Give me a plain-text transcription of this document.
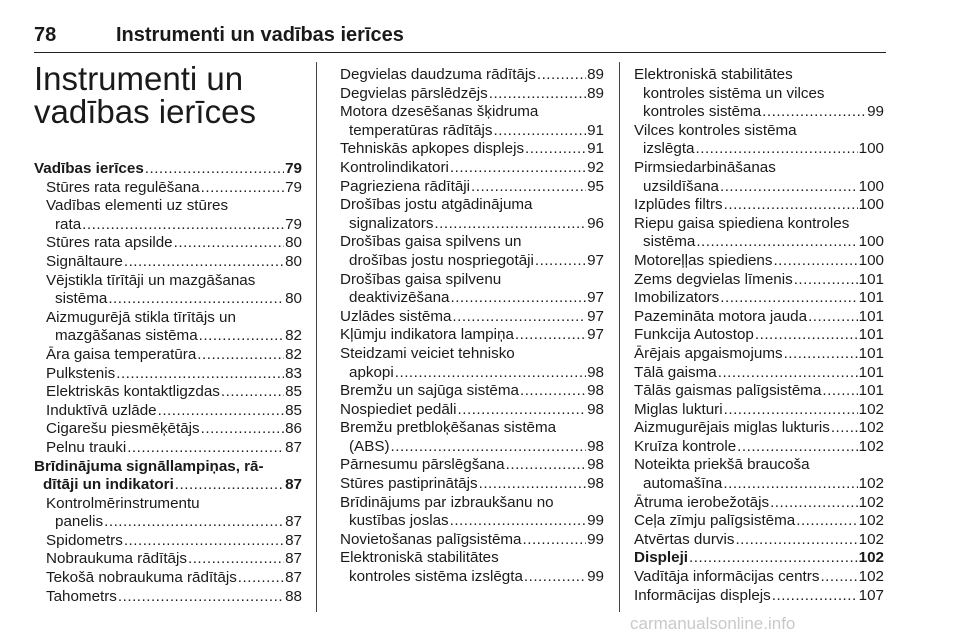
78	Instrumenti un vadības ierīces
Instrumenti un
vadības ierīces
Vadības ierīces .....	79
Stūres rata regulēšana .....	79
Vadības elementi uz stūres
rata .....	79
Stūres rata apsilde .....	80
Signāltaure .....	80
Vējstikla tīrītāji un mazgāšanas
sistēma .....	80
Aizmugurējā stikla tīrītājs un
mazgāšanas sistēma .....	82
Āra gaisa temperatūra .....	82
Pulkstenis .....	83
Elektriskās kontaktligzdas .....	85
Induktīvā uzlāde .....	85
Cigarešu piesmēķētājs .....	86
Pelnu trauki .....	87
Brīdinājuma signāllampiņas, rā-
dītāji un indikatori .....	87
Kontrolmērinstrumentu
panelis .....	87
Spidometrs .....	87
Nobraukuma rādītājs .....	87
Tekošā nobraukuma rādītājs .....	87
Tahometrs .....	88
Degvielas daudzuma rādītājs .....	89
Degvielas pārslēdzējs .....	89
Motora dzesēšanas šķidruma
temperatūras rādītājs .....	91
Tehniskās apkopes displejs .....	91
Kontrolindikatori .....	92
Pagrieziena rādītāji .....	95
Drošības jostu atgādinājuma
signalizators .....	96
Drošības gaisa spilvens un
drošības jostu nospriegotāji .....	97
Drošības gaisa spilvenu
deaktivizēšana .....	97
Uzlādes sistēma .....	97
Kļūmju indikatora lampiņa .....	97
Steidzami veiciet tehnisko
apkopi .....	98
Bremžu un sajūga sistēma .....	98
Nospiediet pedāli .....	98
Bremžu pretbloķēšanas sistēma
(ABS) .....	98
Pārnesumu pārslēgšana .....	98
Stūres pastiprinātājs .....	98
Brīdinājums par izbraukšanu no
kustības joslas .....	99
Novietošanas palīgsistēma .....	99
Elektroniskā stabilitātes
kontroles sistēma izslēgta .....	99
Elektroniskā stabilitātes
kontroles sistēma un vilces
kontroles sistēma .....	99
Vilces kontroles sistēma
izslēgta .....	100
Pirmsiedarbināšanas
uzsildīšana .....	100
Izplūdes filtrs .....	100
Riepu gaisa spiediena kontroles
sistēma .....	100
Motoreļļas spiediens .....	100
Zems degvielas līmenis .....	101
Imobilizators .....	101
Pazemināta motora jauda .....	101
Funkcija Autostop .....	101
Ārējais apgaismojums .....	101
Tālā gaisma .....	101
Tālās gaismas palīgsistēma ..... 101
Miglas lukturi .....	102
Aizmugurējais miglas lukturis ..... 102
Kruīza kontrole .....	102
Noteikta priekšā braucoša
automašīna .....	102
Ātruma ierobežotājs .....	102
Ceļa zīmju palīgsistēma .....	102
Atvērtas durvis .....	102
Displeji .....	102
Vadītāja informācijas centrs .....	102
Informācijas displejs .....	107
carmanualsonline.info
